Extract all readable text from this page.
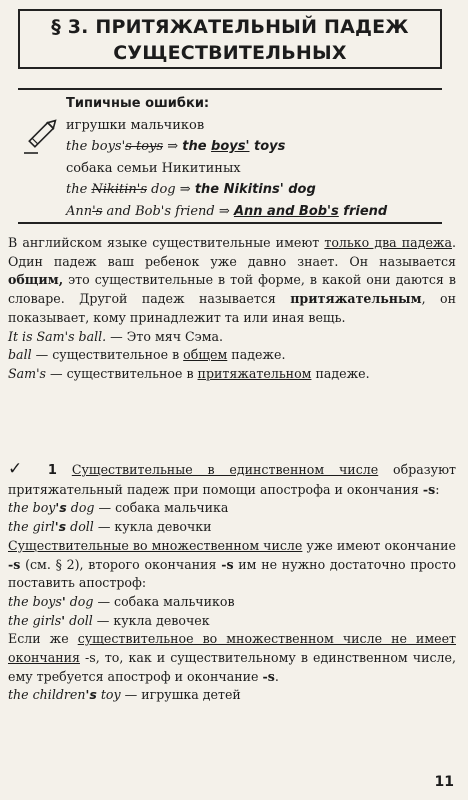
§ 3. ПРИТЯЖАТЕЛЬНЫЙ ПАДЕЖ
СУЩЕСТВИТЕЛЬНЫХ
Типичные ошибки:
игрушки мальчиков
the boys's toys ⇒ the boys' toys
собака семьи Никитиных
the Nikitin's dog ⇒ the Nikitins' dog
Ann's and Bob's friend ⇒ Ann and Bob's friend

В английском языке существительные имеют только два падежа. Один падеж ваш ребенок уже давно знает. Он называется общим, это существительные в той форме, в какой они даются в словаре. Другой падеж называется притяжательным, он показывает, кому принадлежит та или иная вещь.

It is Sam's ball. — Это мяч Сэма.

ball — существительное в общем падеже.

Sam's — существительное в притяжательном падеже.

✓ 1 Существительные в единственном числе образуют притяжательный падеж при помощи апострофа и окончания -s:

the boy's dog — собака мальчика

the girl's doll — кукла девочки

Существительные во множественном числе уже имеют окончание -s (см. § 2), второго окончания -s им не нужно достаточно просто поставить апостроф:

the boys' dog — собака мальчиков

the girls' doll — кукла девочек

Если же существительное во множественном числе не имеет окончания -s, то, как и существительному в единственном числе, ему требуется апостроф и окончание -s.

the children's toy — игрушка детей

11
